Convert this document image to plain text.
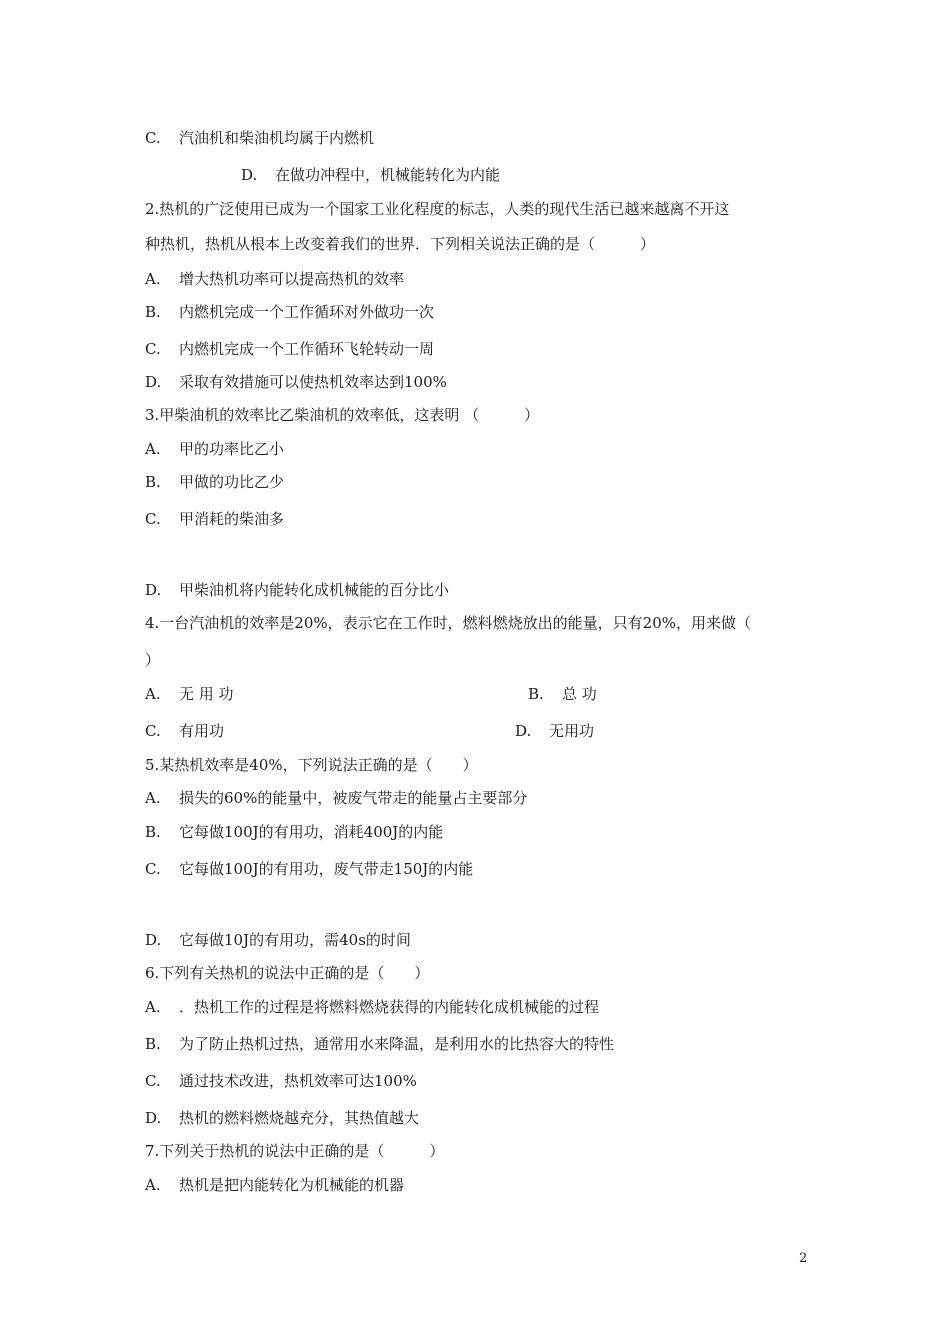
C. 汽油机和柴油机均属于内燃机
D. 在做功冲程中，机械能转化为内能
2.热机的广泛使用已成为一个国家工业化程度的标志，人类的现代生活已越来越离不开这
种热机，热机从根本上改变着我们的世界．下列相关说法正确的是（　　　）
A. 增大热机功率可以提高热机的效率
B. 内燃机完成一个工作循环对外做功一次
C. 内燃机完成一个工作循环飞轮转动一周
D. 采取有效措施可以使热机效率达到100%
3.甲柴油机的效率比乙柴油机的效率低，这表明 （　　　）
A. 甲的功率比乙小
B. 甲做的功比乙少
C. 甲消耗的柴油多
D. 甲柴油机将内能转化成机械能的百分比小
4.一台汽油机的效率是20%，表示它在工作时，燃料燃烧放出的能量，只有20%，用来做（
）
A. 无 用 功	B. 总 功
C. 有用功	D. 无用功
5.某热机效率是40%，下列说法正确的是（　　）
A. 损失的60%的能量中，被废气带走的能量占主要部分
B. 它每做100J的有用功，消耗400J的内能
C. 它每做100J的有用功，废气带走150J的内能
D. 它每做10J的有用功，需40s的时间
6.下列有关热机的说法中正确的是（　　）
A. ．热机工作的过程是将燃料燃烧获得的内能转化成机械能的过程
B. 为了防止热机过热，通常用水来降温，是利用水的比热容大的特性
C. 通过技术改进，热机效率可达100%
D. 热机的燃料燃烧越充分，其热值越大
7.下列关于热机的说法中正确的是（　　　）
A. 热机是把内能转化为机械能的机器
2
